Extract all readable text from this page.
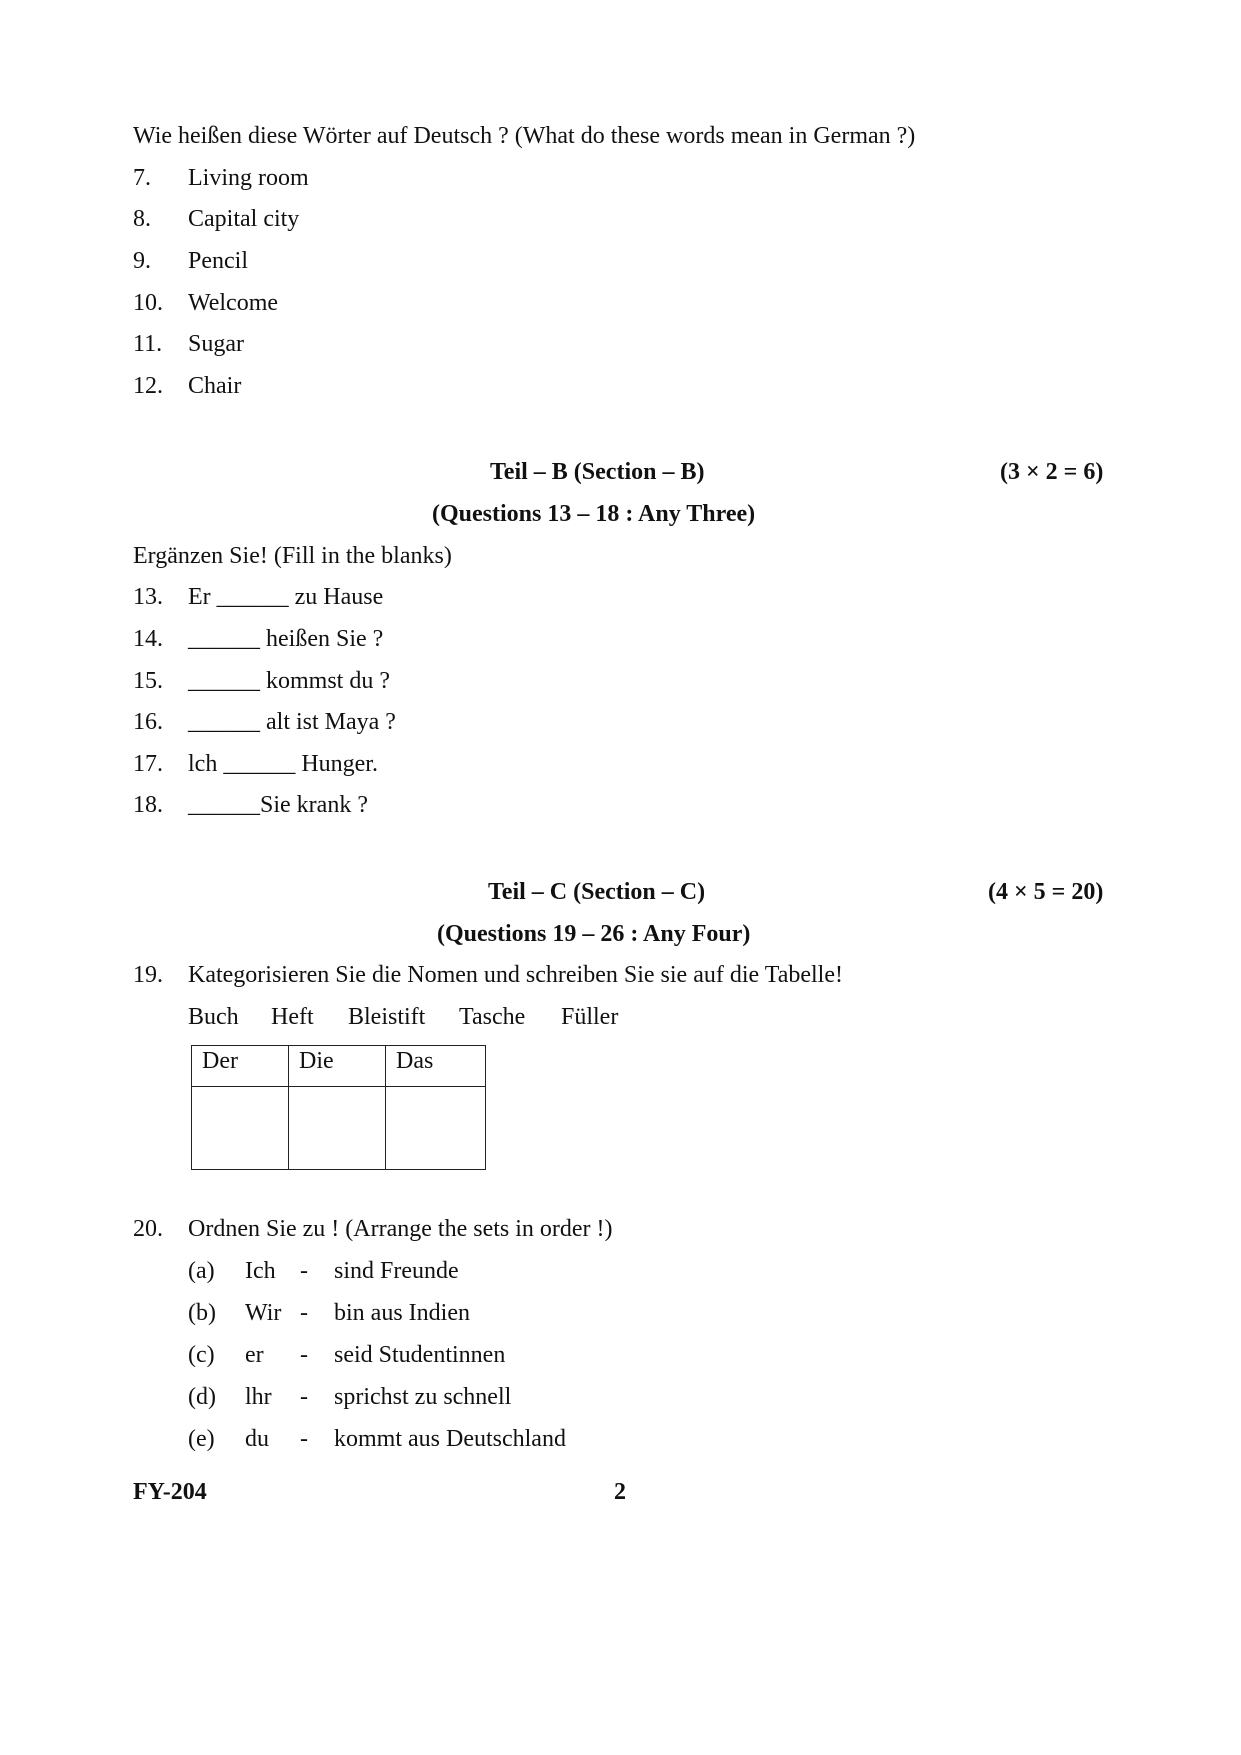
Wie heißen diese Wörter auf Deutsch ? (What do these words mean in German ?)
7. Living room
8. Capital city
9. Pencil
10. Welcome
11. Sugar
12. Chair
Teil – B (Section – B)	(3 × 2 = 6)
(Questions 13 – 18 : Any Three)
Ergänzen Sie! (Fill in the blanks)
13. Er ______ zu Hause
14. ______ heißen Sie ?
15. ______ kommst du ?
16. ______ alt ist Maya ?
17. lch ______ Hunger.
18. ______Sie krank ?
Teil – C (Section – C)	(4 × 5 = 20)
(Questions 19 – 26 : Any Four)
19. Kategorisieren Sie die Nomen und schreiben Sie sie auf die Tabelle!
Buch Heft Bleistift Tasche Füller
Der	Die	Das

20. Ordnen Sie zu ! (Arrange the sets in order !)
(a) Ich - sind Freunde
(b) Wir - bin aus Indien
(c) er - seid Studentinnen
(d) lhr - sprichst zu schnell
(e) du - kommt aus Deutschland
FY-204	2
